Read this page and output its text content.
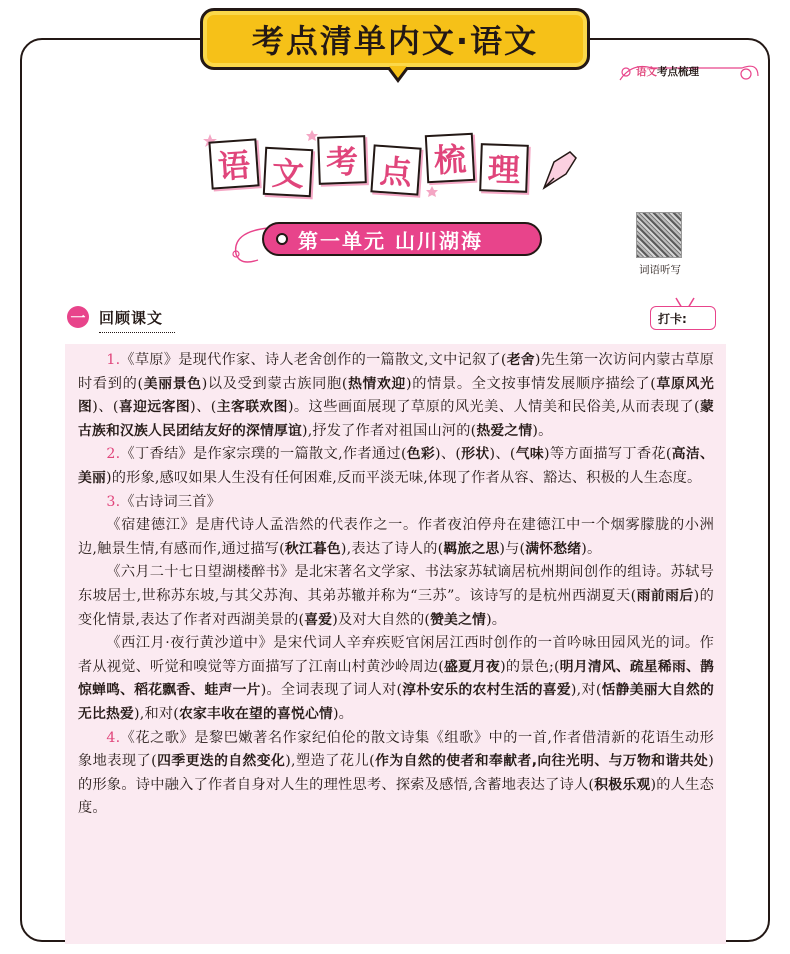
考点清单内文·语文
语文考点梳理
语 文 考 点 梳 理
第一单元 山川湖海
词语听写
一 回顾课文	打卡:

1.《草原》是现代作家、诗人老舍创作的一篇散文,文中记叙了(老舍)先生第一次访问内蒙古草原时看到的(美丽景色)以及受到蒙古族同胞(热情欢迎)的情景。全文按事情发展顺序描绘了(草原风光图)、(喜迎远客图)、(主客联欢图)。这些画面展现了草原的风光美、人情美和民俗美,从而表现了(蒙古族和汉族人民团结友好的深情厚谊),抒发了作者对祖国山河的(热爱之情)。

2.《丁香结》是作家宗璞的一篇散文,作者通过(色彩)、(形状)、(气味)等方面描写丁香花(高洁、美丽)的形象,感叹如果人生没有任何困难,反而平淡无味,体现了作者从容、豁达、积极的人生态度。

3.《古诗词三首》

《宿建德江》是唐代诗人孟浩然的代表作之一。作者夜泊停舟在建德江中一个烟雾朦胧的小洲边,触景生情,有感而作,通过描写(秋江暮色),表达了诗人的(羁旅之思)与(满怀愁绪)。

《六月二十七日望湖楼醉书》是北宋著名文学家、书法家苏轼谪居杭州期间创作的组诗。苏轼号东坡居士,世称苏东坡,与其父苏洵、其弟苏辙并称为“三苏”。该诗写的是杭州西湖夏天(雨前雨后)的变化情景,表达了作者对西湖美景的(喜爱)及对大自然的(赞美之情)。

《西江月·夜行黄沙道中》是宋代词人辛弃疾贬官闲居江西时创作的一首吟咏田园风光的词。作者从视觉、听觉和嗅觉等方面描写了江南山村黄沙岭周边(盛夏月夜)的景色;(明月清风、疏星稀雨、鹊惊蝉鸣、稻花飘香、蛙声一片)。全词表现了词人对(淳朴安乐的农村生活的喜爱),对(恬静美丽大自然的无比热爱),和对(农家丰收在望的喜悦心情)。

4.《花之歌》是黎巴嫩著名作家纪伯伦的散文诗集《组歌》中的一首,作者借清新的花语生动形象地表现了(四季更迭的自然变化),塑造了花儿(作为自然的使者和奉献者,向往光明、与万物和谐共处)的形象。诗中融入了作者自身对人生的理性思考、探索及感悟,含蓄地表达了诗人(积极乐观)的人生态度。
